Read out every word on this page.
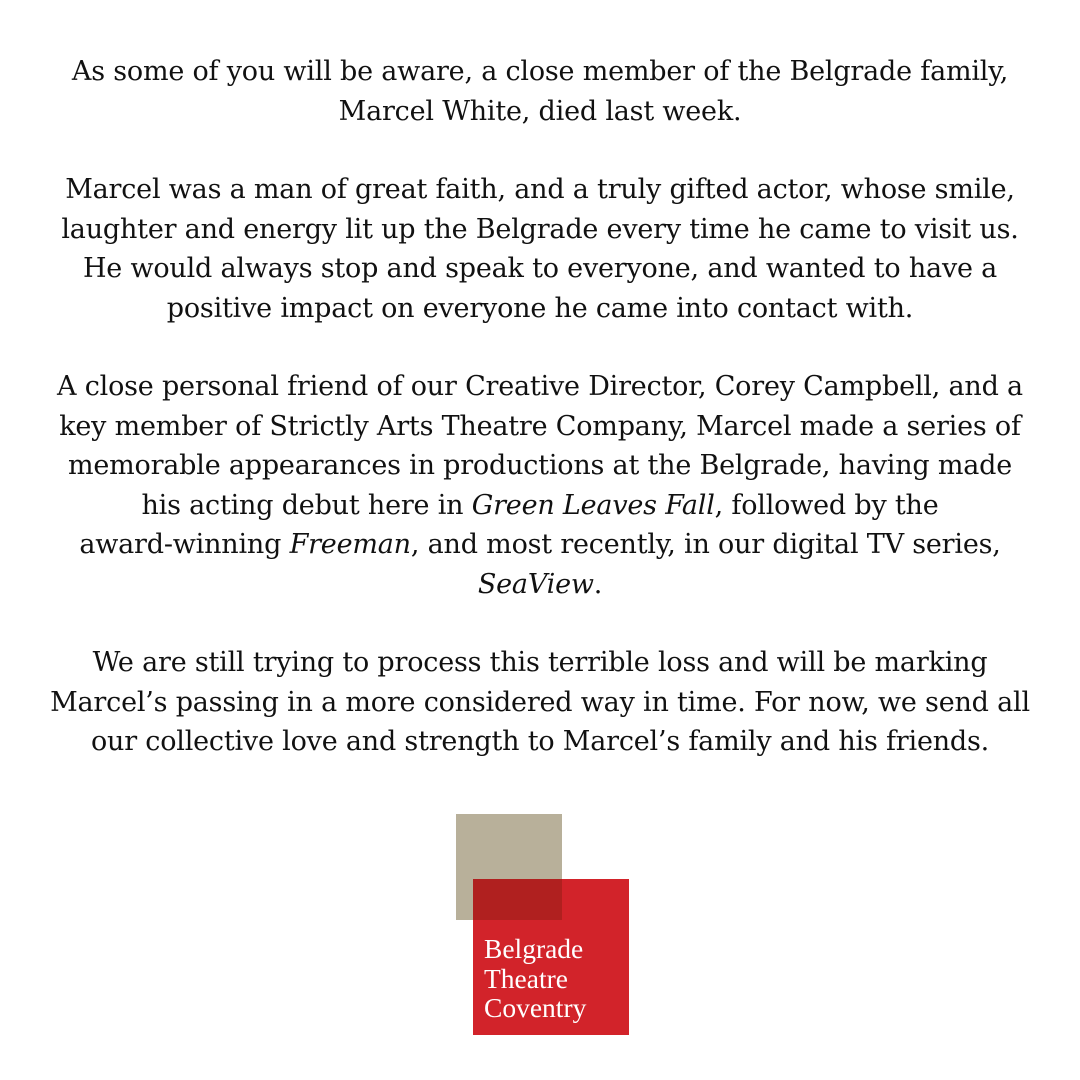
As some of you will be aware, a close member of the Belgrade family,
Marcel White, died last week.

Marcel was a man of great faith, and a truly gifted actor, whose smile,
laughter and energy lit up the Belgrade every time he came to visit us.
He would always stop and speak to everyone, and wanted to have a
positive impact on everyone he came into contact with.

A close personal friend of our Creative Director, Corey Campbell, and a
key member of Strictly Arts Theatre Company, Marcel made a series of
memorable appearances in productions at the Belgrade, having made
his acting debut here in Green Leaves Fall, followed by the
award-winning Freeman, and most recently, in our digital TV series,
SeaView.

We are still trying to process this terrible loss and will be marking
Marcel’s passing in a more considered way in time. For now, we send all
our collective love and strength to Marcel’s family and his friends.

Belgrade
Theatre
Coventry
